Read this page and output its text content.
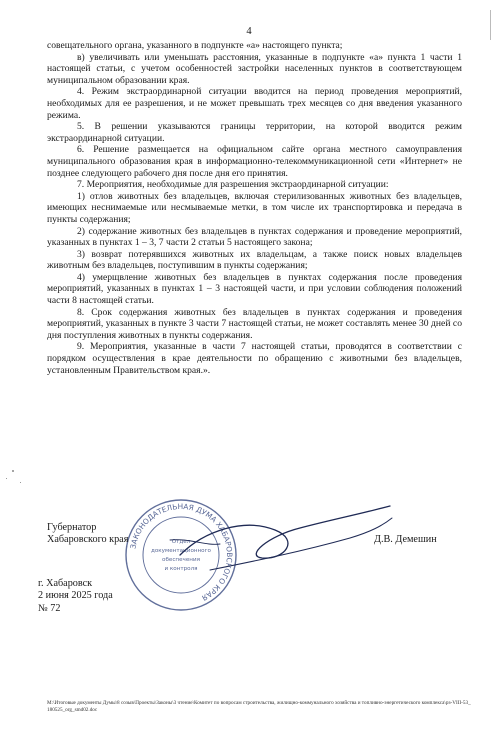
4

совещательного органа, указанного в подпункте «а» настоящего пункта;

в) увеличивать или уменьшать расстояния, указанные в подпункте «а» пункта 1 части 1 настоящей статьи, с учетом особенностей застройки населенных пунктов в соответствующем муниципальном образовании края.

4. Режим экстраординарной ситуации вводится на период проведения мероприятий, необходимых для ее разрешения, и не может превышать трех месяцев со дня введения указанного режима.

5. В решении указываются границы территории, на которой вводится режим экстраординарной ситуации.

6. Решение размещается на официальном сайте органа местного самоуправления муниципального образования края в информационно-телекоммуникационной сети «Интернет» не позднее следующего рабочего дня после дня его принятия.

7. Мероприятия, необходимые для разрешения экстраординарной ситуации:

1) отлов животных без владельцев, включая стерилизованных животных без владельцев, имеющих неснимаемые или несмываемые метки, в том числе их транспортировка и передача в пункты содержания;

2) содержание животных без владельцев в пунктах содержания и проведение мероприятий, указанных в пунктах 1 – 3, 7 части 2 статьи 5 настоящего закона;

3) возврат потерявшихся животных их владельцам, а также поиск новых владельцев животным без владельцев, поступившим в пункты содержания;

4) умерщвление животных без владельцев в пунктах содержания после проведения мероприятий, указанных в пунктах 1 – 3 настоящей части, и при условии соблюдения положений части 8 настоящей статьи.

8. Срок содержания животных без владельцев в пунктах содержания и проведения мероприятий, указанных в пункте 3 части 7 настоящей статьи, не может составлять менее 30 дней со дня поступления животных в пункты содержания.

9. Мероприятия, указанные в части 7 настоящей статьи, проводятся в соответствии с порядком осуществления в крае деятельности по обращению с животными без владельцев, установленным Правительством края.».

ЗАКОНОДАТЕЛЬНАЯ ДУМА ХАБАРОВСКОГО КРАЯ
Отдел
документационного
обеспечения
и контроля
Губернатор
Хабаровского края	Д.В. Демешин
г. Хабаровск
2 июня 2025 года
№ 72
M:\Итоговые документы Думы\8 созыв\Проекты\Законы\3 чтение\Комитет по вопросам строительства, жилищно-коммунального хозяйства и топливно-энергетического комплекса\pз-VIII-53_ 180525_org_smd02.doc
